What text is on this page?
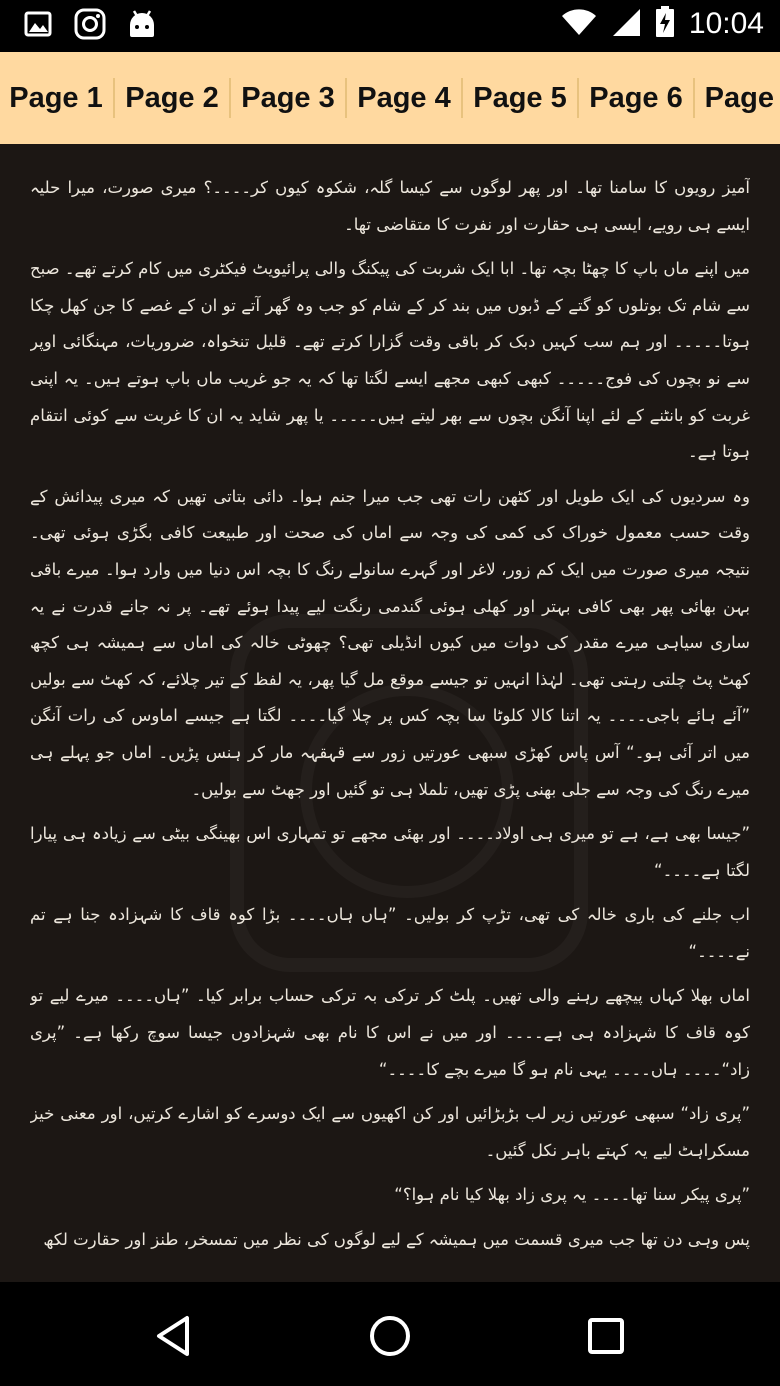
10:04
Page 1 Page 2 Page 3 Page 4 Page 5 Page 6 Page

آمیز رویوں کا سامنا تھا۔ اور پھر لوگوں سے کیسا گلہ، شکوہ کیوں کر۔۔۔۔؟ میری صورت، میرا حلیہ ایسے ہی رویے، ایسی ہی حقارت اور نفرت کا متقاضی تھا۔

میں اپنے ماں باپ کا چھٹا بچہ تھا۔ ابا ایک شربت کی پیکنگ والی پرائیویٹ فیکٹری میں کام کرتے تھے۔ صبح سے شام تک بوتلوں کو گتے کے ڈبوں میں بند کر کے شام کو جب وہ گھر آتے تو ان کے غصے کا جن کھل چکا ہوتا۔۔۔۔۔ اور ہم سب کہیں دبک کر باقی وقت گزارا کرتے تھے۔ قلیل تنخواہ، ضروریات، مہنگائی اوپر سے نو بچوں کی فوج۔۔۔۔۔ کبھی کبھی مجھے ایسے لگتا تھا کہ یہ جو غریب ماں باپ ہوتے ہیں۔ یہ اپنی غربت کو بانٹنے کے لئے اپنا آنگن بچوں سے بھر لیتے ہیں۔۔۔۔۔ یا پھر شاید یہ ان کا غربت سے کوئی انتقام ہوتا ہے۔

وہ سردیوں کی ایک طویل اور کٹھن رات تھی جب میرا جنم ہوا۔ دائی بتاتی تھیں کہ میری پیدائش کے وقت حسب معمول خوراک کی کمی کی وجہ سے اماں کی صحت اور طبیعت کافی بگڑی ہوئی تھی۔ نتیجہ میری صورت میں ایک کم زور، لاغر اور گہرے سانولے رنگ کا بچہ اس دنیا میں وارد ہوا۔ میرے باقی بہن بھائی پھر بھی کافی بہتر اور کھلی ہوئی گندمی رنگت لیے پیدا ہوئے تھے۔ پر نہ جانے قدرت نے یہ ساری سیاہی میرے مقدر کی دوات میں کیوں انڈیلی تھی؟ چھوٹی خالہ کی اماں سے ہمیشہ ہی کچھ کھٹ پٹ چلتی رہتی تھی۔ لہٰذا انہیں تو جیسے موقع مل گیا پھر، یہ لفظ کے تیر چلائے، کہ کھٹ سے بولیں ”آئے ہائے باجی۔۔۔۔ یہ اتنا کالا کلوٹا سا بچہ کس پر چلا گیا۔۔۔۔ لگتا ہے جیسے اماوس کی رات آنگن میں اتر آئی ہو۔“ آس پاس کھڑی سبھی عورتیں زور سے قہقہہ مار کر ہنس پڑیں۔ اماں جو پہلے ہی میرے رنگ کی وجہ سے جلی بھنی پڑی تھیں، تلملا ہی تو گئیں اور جھٹ سے بولیں۔

”جیسا بھی ہے، ہے تو میری ہی اولاد۔۔۔۔ اور بھئی مجھے تو تمہاری اس بھینگی بیٹی سے زیادہ ہی پیارا لگتا ہے۔۔۔۔“

اب جلنے کی باری خالہ کی تھی، تڑپ کر بولیں۔ ”ہاں ہاں۔۔۔۔ بڑا کوہ قاف کا شہزادہ جنا ہے تم نے۔۔۔۔“

اماں بھلا کہاں پیچھے رہنے والی تھیں۔ پلٹ کر ترکی بہ ترکی حساب برابر کیا۔ ”ہاں۔۔۔۔ میرے لیے تو کوہ قاف کا شہزادہ ہی ہے۔۔۔۔ اور میں نے اس کا نام بھی شہزادوں جیسا سوچ رکھا ہے۔ ”پری زاد“۔۔۔۔ ہاں۔۔۔۔ یہی نام ہو گا میرے بچے کا۔۔۔۔“

”پری زاد“ سبھی عورتیں زیر لب بڑبڑائیں اور کن اکھیوں سے ایک دوسرے کو اشارے کرتیں، اور معنی خیز مسکراہٹ لیے یہ کہتے باہر نکل گئیں۔

”پری پیکر سنا تھا۔۔۔۔ یہ پری زاد بھلا کیا نام ہوا؟“

پس وہی دن تھا جب میری قسمت میں ہمیشہ کے لیے لوگوں کی نظر میں تمسخر، طنز اور حقارت لکھ
